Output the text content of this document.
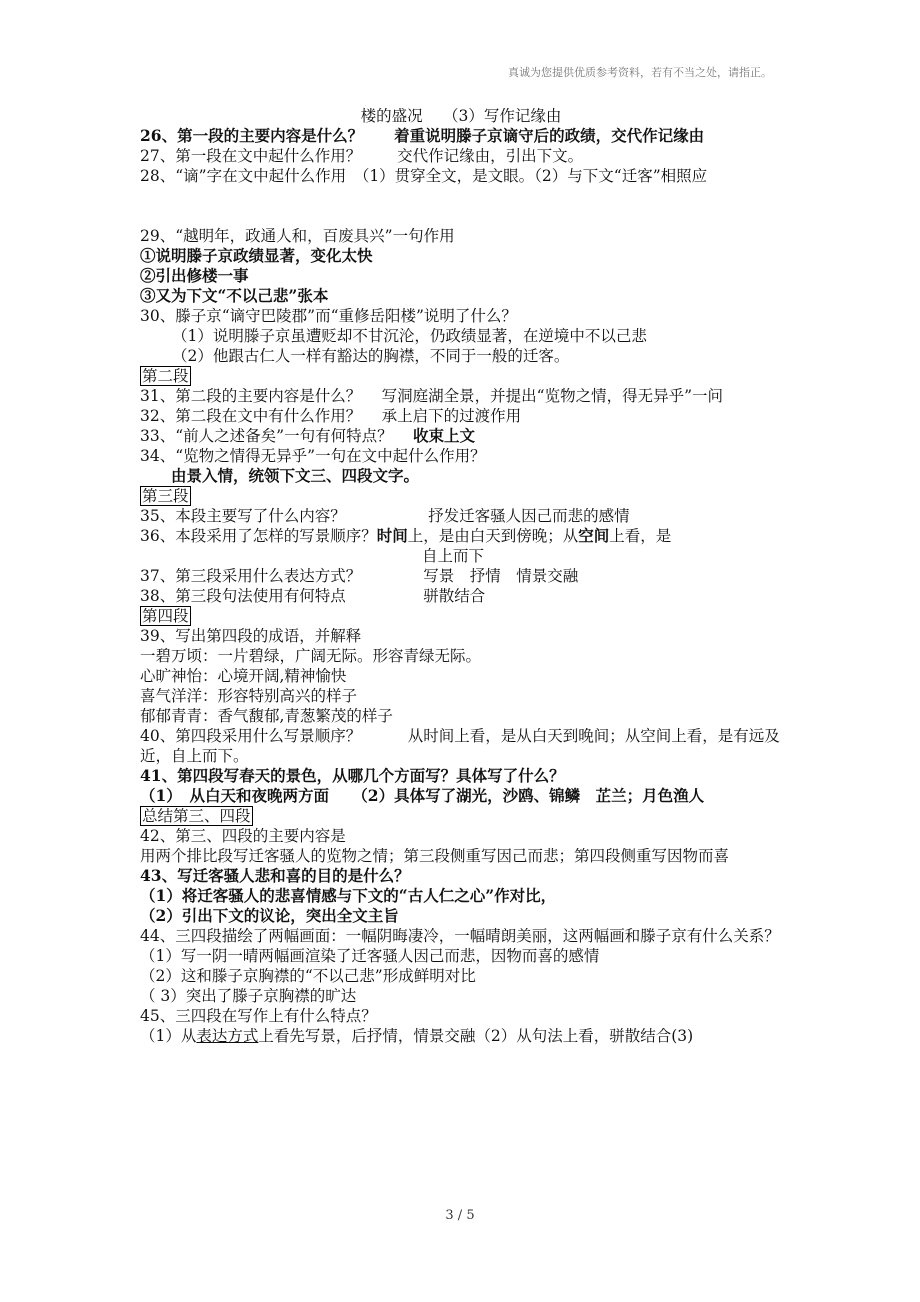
真诚为您提供优质参考资料，若有不当之处，请指正。
楼的盛况　 （3）写作记缘由
26、第一段的主要内容是什么？　　着重说明滕子京谪守后的政绩，交代作记缘由
27、第一段在文中起什么作用？　　 交代作记缘由，引出下文。
28、“谪”字在文中起什么作用　（1）贯穿全文，是文眼。（2）与下文“迁客”相照应
29、“越明年，政通人和，百废具兴”一句作用
①说明滕子京政绩显著，变化太快
②引出修楼一事
③又为下文“不以己悲”张本
30、滕子京“谪守巴陵郡”而“重修岳阳楼”说明了什么？
（1）说明滕子京虽遭贬却不甘沉沦，仍政绩显著，在逆境中不以己悲
（2）他跟古仁人一样有豁达的胸襟，不同于一般的迁客。
第二段
31、第二段的主要内容是什么？　 写洞庭湖全景，并提出“览物之情，得无异乎”一问
32、第二段在文中有什么作用？　 承上启下的过渡作用
33、“前人之述备矣”一句有何特点？　 收束上文
34、“览物之情得无异乎”一句在文中起什么作用？
　　由景入情，统领下文三、四段文字。
第三段
35、本段主要写了什么内容？　　　　　 抒发迁客骚人因己而悲的感情
36、本段采用了怎样的写景顺序？时间上，是由白天到傍晚；从空间上看，是
自上而下
37、第三段采用什么表达方式？　　　　写景　抒情　情景交融
38、第三段句法使用有何特点　　　　　骈散结合
第四段
39、写出第四段的成语，并解释
一碧万顷：一片碧绿，广阔无际。形容青绿无际。
心旷神怡：心境开阔,精神愉快
喜气洋洋：形容特别高兴的样子
郁郁青青：香气馥郁,青葱繁茂的样子
40、第四段采用什么写景顺序？　　　从时间上看，是从白天到晚间；从空间上看，是有远及近，自上而下。
41、第四段写春天的景色，从哪几个方面写？具体写了什么？
（1）　从白天和夜晚两方面　　（2）具体写了湖光，沙鸥、锦鳞　芷兰；月色渔人
总结第三、四段
42、第三、四段的主要内容是
用两个排比段写迁客骚人的览物之情；第三段侧重写因己而悲；第四段侧重写因物而喜
43、写迁客骚人悲和喜的目的是什么？
（1）将迁客骚人的悲喜情感与下文的“古人仁之心”作对比，
（2）引出下文的议论，突出全文主旨
44、三四段描绘了两幅画面：一幅阴晦凄冷，一幅晴朗美丽，这两幅画和滕子京有什么关系？
（1）写一阴一晴两幅画渲染了迁客骚人因己而悲，因物而喜的感情
（2）这和滕子京胸襟的“不以己悲”形成鲜明对比
（ 3）突出了滕子京胸襟的旷达
45、三四段在写作上有什么特点？
（1）从表达方式上看先写景，后抒情，情景交融（2）从句法上看，骈散结合(3)
3 / 5
